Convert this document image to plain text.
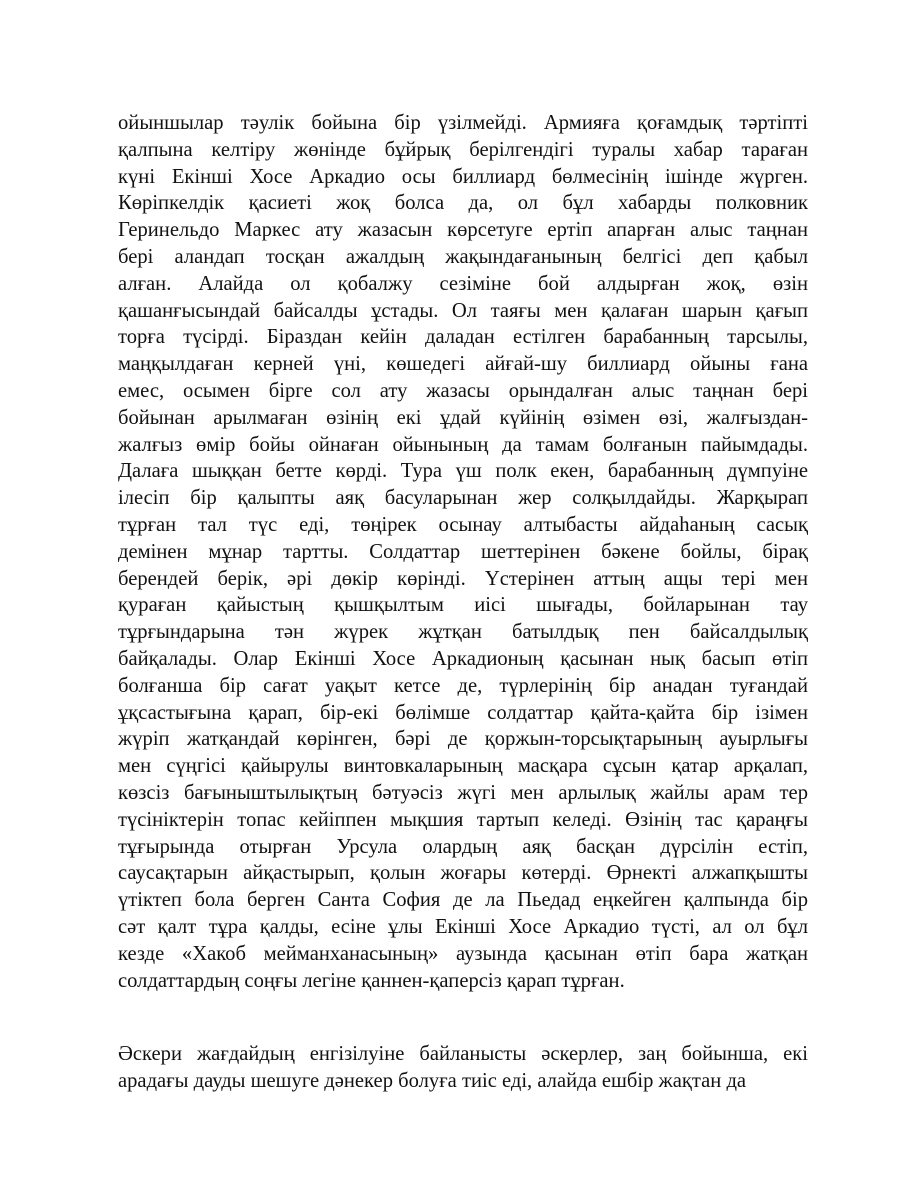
ойыншылар тәулік бойына бір үзілмейді. Армияға қоғамдық тәртіпті
қалпына келтіру жөнінде бұйрық берілгендігі туралы хабар тараған
күні Екінші Хосе Аркадио осы биллиард бөлмесінің ішінде жүрген.
Көріпкелдік қасиеті жоқ болса да, ол бұл хабарды полковник
Геринельдо Маркес ату жазасын көрсетуге ертіп апарған алыс таңнан
бері аландап тосқан ажалдың жақындағанының белгісі деп қабыл
алған. Алайда ол қобалжу сезіміне бой алдырған жоқ, өзін
қашанғысындай байсалды ұстады. Ол таяғы мен қалаған шарын қағып
торға түсірді. Біраздан кейін даладан естілген барабанның тарсылы,
маңқылдаған керней үні, көшедегі айғай-шу биллиард ойыны ғана
емес, осымен бірге сол ату жазасы орындалған алыс таңнан бері
бойынан арылмаған өзінің екі ұдай күйінің өзімен өзі, жалғыздан-
жалғыз өмір бойы ойнаған ойынының да тамам болғанын пайымдады.
Далаға шыққан бетте көрді. Тура үш полк екен, барабанның дүмпуіне
ілесіп бір қалыпты аяқ басуларынан жер солқылдайды. Жарқырап
тұрған тал түс еді, төңірек осынау алтыбасты айдаһаның сасық
демінен мұнар тартты. Солдаттар шеттерінен бәкене бойлы, бірақ
берендей берік, әрі дөкір көрінді. Үстерінен аттың ащы тері мен
қураған қайыстың қышқылтым иісі шығады, бойларынан тау
тұрғындарына тән жүрек жұтқан батылдық пен байсалдылық
байқалады. Олар Екінші Хосе Аркадионың қасынан нық басып өтіп
болғанша бір сағат уақыт кетсе де, түрлерінің бір анадан туғандай
ұқсастығына қарап, бір-екі бөлімше солдаттар қайта-қайта бір ізімен
жүріп жатқандай көрінген, бәрі де қоржын-торсықтарының ауырлығы
мен сүңгісі қайырулы винтовкаларының масқара сұсын қатар арқалап,
көзсіз бағыныштылықтың бәтуәсіз жүгі мен арлылық жайлы арам тер
түсініктерін топас кейіппен мықшия тартып келеді. Өзінің тас қараңғы
тұғырында отырған Урсула олардың аяқ басқан дүрсілін естіп,
саусақтарын айқастырып, қолын жоғары көтерді. Өрнекті алжапқышты
үтіктеп бола берген Санта София де ла Пьедад еңкейген қалпында бір
сәт қалт тұра қалды, есіне ұлы Екінші Хосе Аркадио түсті, ал ол бұл
кезде «Хакоб мейманханасының» аузында қасынан өтіп бара жатқан
солдаттардың соңғы легіне қаннен-қаперсіз қарап тұрған.
Әскери жағдайдың енгізілуіне байланысты әскерлер, заң бойынша, екі
арадағы дауды шешуге дәнекер болуға тиіс еді, алайда ешбір жақтан да
